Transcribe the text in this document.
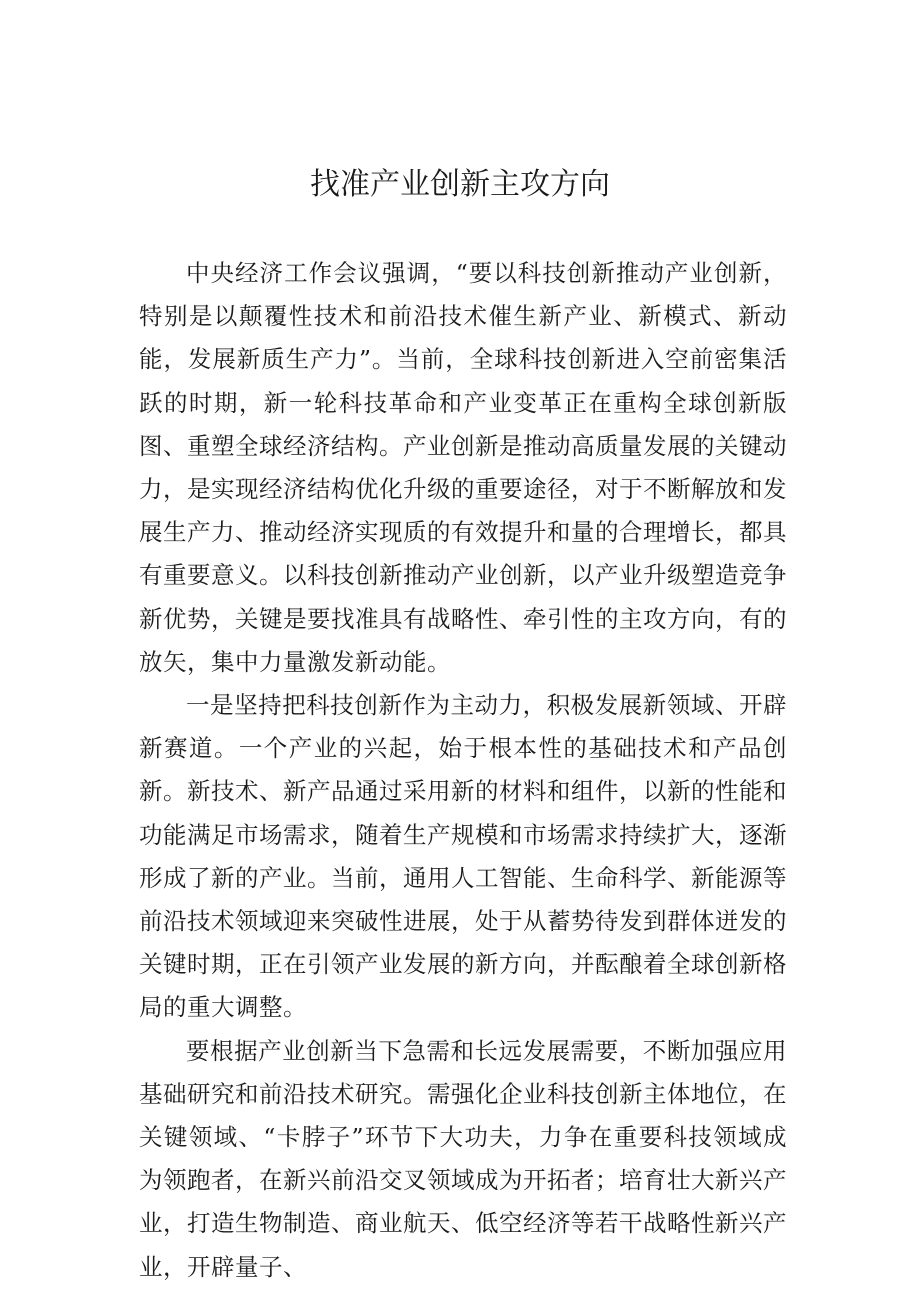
找准产业创新主攻方向

中央经济工作会议强调，“要以科技创新推动产业创新，特别是以颠覆性技术和前沿技术催生新产业、新模式、新动能，发展新质生产力”。当前，全球科技创新进入空前密集活跃的时期，新一轮科技革命和产业变革正在重构全球创新版图、重塑全球经济结构。产业创新是推动高质量发展的关键动力，是实现经济结构优化升级的重要途径，对于不断解放和发展生产力、推动经济实现质的有效提升和量的合理增长，都具有重要意义。以科技创新推动产业创新，以产业升级塑造竞争新优势，关键是要找准具有战略性、牵引性的主攻方向，有的放矢，集中力量激发新动能。

一是坚持把科技创新作为主动力，积极发展新领域、开辟新赛道。一个产业的兴起，始于根本性的基础技术和产品创新。新技术、新产品通过采用新的材料和组件，以新的性能和功能满足市场需求，随着生产规模和市场需求持续扩大，逐渐形成了新的产业。当前，通用人工智能、生命科学、新能源等前沿技术领域迎来突破性进展，处于从蓄势待发到群体迸发的关键时期，正在引领产业发展的新方向，并酝酿着全球创新格局的重大调整。

要根据产业创新当下急需和长远发展需要，不断加强应用基础研究和前沿技术研究。需强化企业科技创新主体地位，在关键领域、“卡脖子”环节下大功夫，力争在重要科技领域成为领跑者，在新兴前沿交叉领域成为开拓者；培育壮大新兴产业，打造生物制造、商业航天、低空经济等若干战略性新兴产业，开辟量子、
